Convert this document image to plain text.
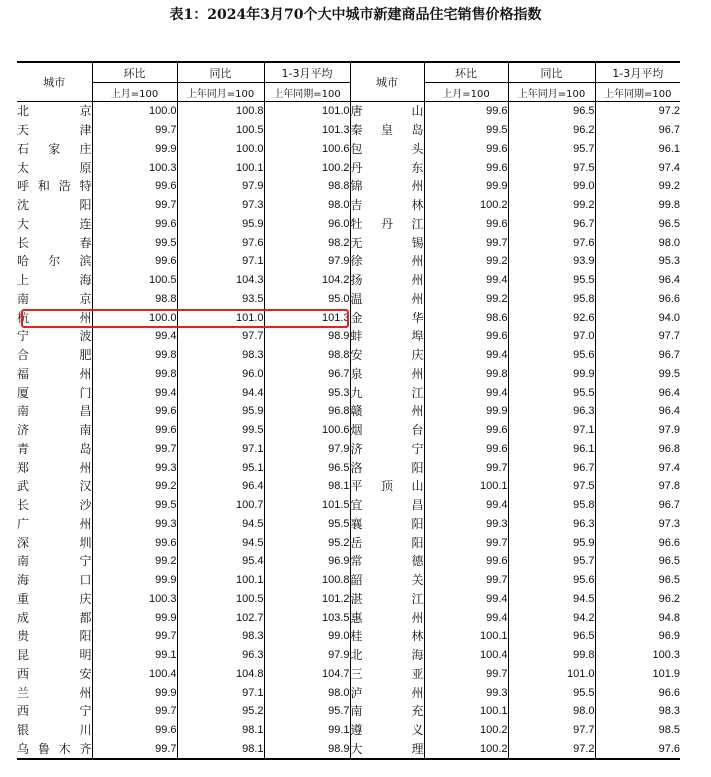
表1：2024年3月70个大中城市新建商品住宅销售价格指数
城市	环比	同比	1-3月平均	城市	环比	同比	1-3月平均
	上月=100	上年同月=100	上年同期=100		上月=100	上年同月=100	上年同期=100
北　京	100.0	100.8	101.0	唐　山	99.6	96.5	97.2
天　津	99.7	100.5	101.3	秦皇岛	99.5	96.2	96.7
石家庄	99.9	100.0	100.6	包　头	99.6	95.7	96.1
太　原	100.3	100.1	100.2	丹　东	99.6	97.5	97.4
呼和浩特	99.6	97.9	98.8	锦　州	99.9	99.0	99.2
沈　阳	99.7	97.3	98.0	吉　林	100.2	99.2	99.8
大　连	99.6	95.9	96.0	牡丹江	99.6	96.7	96.5
长　春	99.5	97.6	98.2	无　锡	99.7	97.6	98.0
哈尔滨	99.6	97.1	97.9	徐　州	99.2	93.9	95.3
上　海	100.5	104.3	104.2	扬　州	99.4	95.5	96.4
南　京	98.8	93.5	95.0	温　州	99.2	95.8	96.6
杭　州	100.0	101.0	101.3	金　华	98.6	92.6	94.0
宁　波	99.4	97.7	98.9	蚌　埠	99.6	97.0	97.7
合　肥	99.8	98.3	98.8	安　庆	99.4	95.6	96.7
福　州	99.8	96.0	96.7	泉　州	99.8	99.9	99.5
厦　门	99.4	94.4	95.3	九　江	99.4	95.5	96.4
南　昌	99.6	95.9	96.8	赣　州	99.9	96.3	96.4
济　南	99.6	99.5	100.6	烟　台	99.6	97.1	97.9
青　岛	99.7	97.1	97.9	济　宁	99.6	96.1	96.8
郑　州	99.3	95.1	96.5	洛　阳	99.7	96.7	97.4
武　汉	99.2	96.4	98.1	平顶山	100.1	97.5	97.8
长　沙	99.5	100.7	101.5	宜　昌	99.4	95.8	96.7
广　州	99.3	94.5	95.5	襄　阳	99.3	96.3	97.3
深　圳	99.6	94.5	95.2	岳　阳	99.7	95.9	96.6
南　宁	99.2	95.4	96.9	常　德	99.6	95.7	96.5
海　口	99.9	100.1	100.8	韶　关	99.7	95.6	96.5
重　庆	100.3	100.5	101.2	湛　江	99.4	94.5	96.2
成　都	99.9	102.7	103.5	惠　州	99.4	94.2	94.8
贵　阳	99.7	98.3	99.0	桂　林	100.1	96.5	96.9
昆　明	99.1	96.3	97.9	北　海	100.4	99.8	100.3
西　安	100.4	104.8	104.7	三　亚	99.7	101.0	101.9
兰　州	99.9	97.1	98.0	泸　州	99.3	95.5	96.6
西　宁	99.7	95.2	95.7	南　充	100.1	98.0	98.3
银　川	99.6	98.1	99.1	遵　义	100.2	97.7	98.5
乌鲁木齐	99.7	98.1	98.9	大　理	100.2	97.2	97.6
